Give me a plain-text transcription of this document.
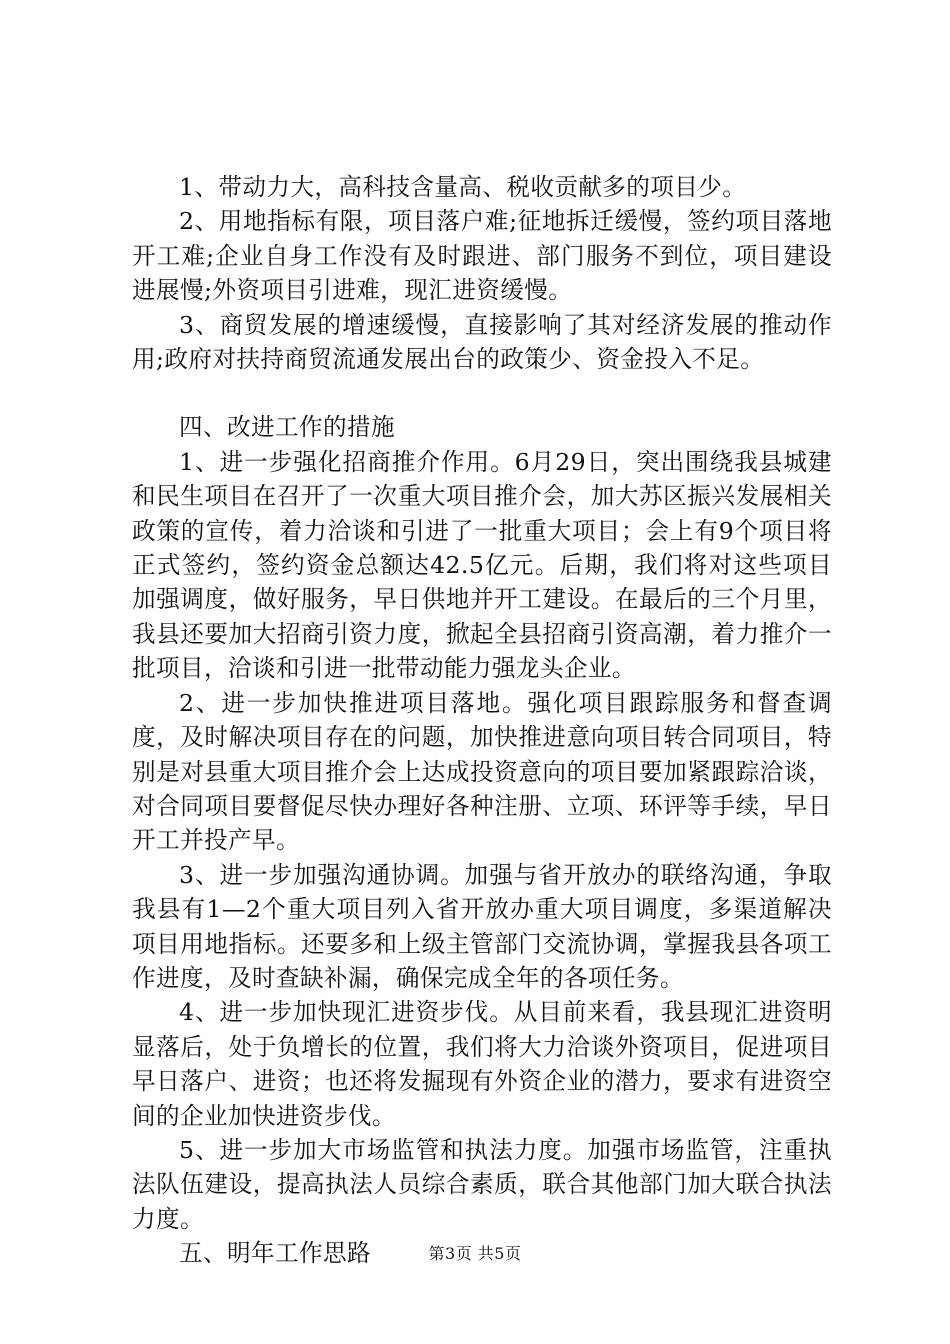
1、带动力大，高科技含量高、税收贡献多的项目少。

2、用地指标有限，项目落户难;征地拆迁缓慢，签约项目落地开工难;企业自身工作没有及时跟进、部门服务不到位，项目建设进展慢;外资项目引进难，现汇进资缓慢。

3、商贸发展的增速缓慢，直接影响了其对经济发展的推动作用;政府对扶持商贸流通发展出台的政策少、资金投入不足。

四、改进工作的措施

1、进一步强化招商推介作用。6月29日，突出围绕我县城建和民生项目在召开了一次重大项目推介会，加大苏区振兴发展相关政策的宣传，着力洽谈和引进了一批重大项目；会上有9个项目将正式签约，签约资金总额达42.5亿元。后期，我们将对这些项目加强调度，做好服务，早日供地并开工建设。在最后的三个月里，我县还要加大招商引资力度，掀起全县招商引资高潮，着力推介一批项目，洽谈和引进一批带动能力强龙头企业。

2、进一步加快推进项目落地。强化项目跟踪服务和督查调度，及时解决项目存在的问题，加快推进意向项目转合同项目，特别是对县重大项目推介会上达成投资意向的项目要加紧跟踪洽谈，对合同项目要督促尽快办理好各种注册、立项、环评等手续，早日开工并投产早。

3、进一步加强沟通协调。加强与省开放办的联络沟通，争取我县有1—2个重大项目列入省开放办重大项目调度，多渠道解决项目用地指标。还要多和上级主管部门交流协调，掌握我县各项工作进度，及时查缺补漏，确保完成全年的各项任务。

4、进一步加快现汇进资步伐。从目前来看，我县现汇进资明显落后，处于负增长的位置，我们将大力洽谈外资项目，促进项目早日落户、进资；也还将发掘现有外资企业的潜力，要求有进资空间的企业加快进资步伐。

5、进一步加大市场监管和执法力度。加强市场监管，注重执法队伍建设，提高执法人员综合素质，联合其他部门加大联合执法力度。

五、明年工作思路	第3页 共5页
